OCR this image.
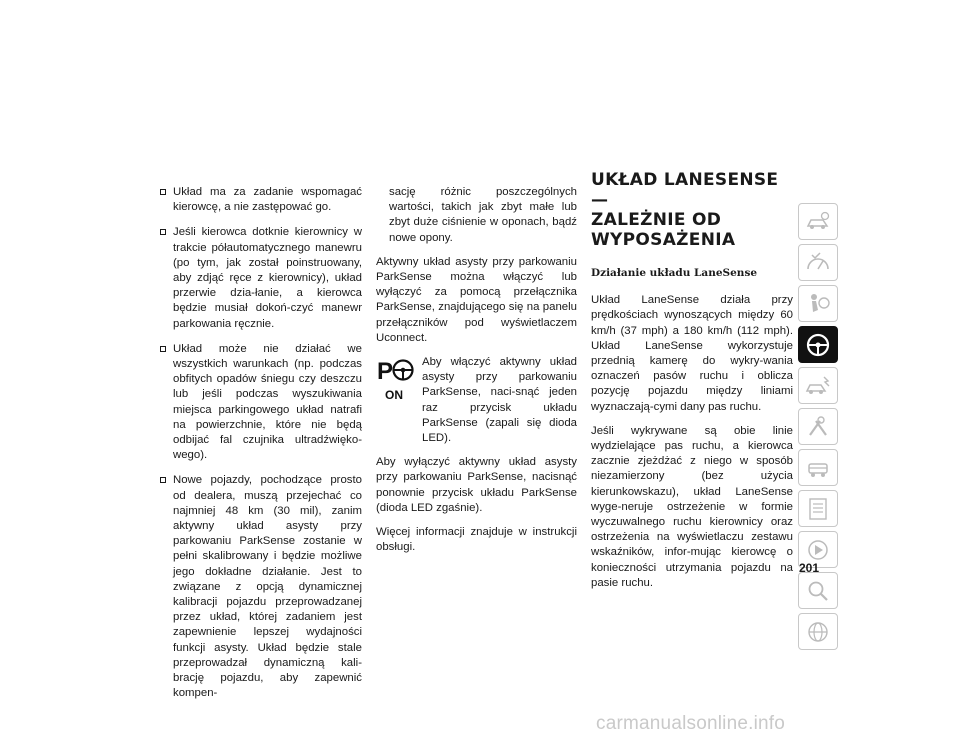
Układ ma za zadanie wspomagać kierowcę, a nie zastępować go.
Jeśli kierowca dotknie kierownicy w trakcie półautomatycznego manewru (po tym, jak został poinstruowany, aby zdjąć ręce z kierownicy), układ przerwie dzia-łanie, a kierowca będzie musiał dokoń-czyć manewr parkowania ręcznie.
Układ może nie działać we wszystkich warunkach (np. podczas obfitych opadów śniegu czy deszczu lub jeśli podczas wyszukiwania miejsca parkingowego układ natrafi na powierzchnie, które nie będą odbijać fal czujnika ultradźwięko-wego).
Nowe pojazdy, pochodzące prosto od dealera, muszą przejechać co najmniej 48 km (30 mil), zanim aktywny układ asysty przy parkowaniu ParkSense zostanie w pełni skalibrowany i będzie możliwe jego dokładne działanie. Jest to związane z opcją dynamicznej kalibracji pojazdu przeprowadzanej przez układ, której zadaniem jest zapewnienie lepszej wydajności funkcji asysty. Układ będzie stale przeprowadzał dynamiczną kali-brację pojazdu, aby zapewnić kompen-
sację różnic poszczególnych wartości, takich jak zbyt małe lub zbyt duże ciśnienie w oponach, bądź nowe opony.

Aktywny układ asysty przy parkowaniu ParkSense można włączyć lub wyłączyć za pomocą przełącznika ParkSense, znajdującego się na panelu przełączników pod wyświetlaczem Uconnect.

P
ON
Aby włączyć aktywny układ asysty przy parkowaniu ParkSense, naci-snąć jeden raz przycisk układu ParkSense (zapali się dioda LED).

Aby wyłączyć aktywny układ asysty przy parkowaniu ParkSense, nacisnąć ponownie przycisk układu ParkSense (dioda LED zgaśnie).

Więcej informacji znajduje w instrukcji obsługi.

UKŁAD LANESENSE —
ZALEŻNIE OD
WYPOSAŻENIA
Działanie układu LaneSense

Układ LaneSense działa przy prędkościach wynoszących między 60 km/h (37 mph) a 180 km/h (112 mph). Układ LaneSense wykorzystuje przednią kamerę do wykry-wania oznaczeń pasów ruchu i oblicza pozycję pojazdu między liniami wyznaczają-cymi dany pas ruchu.

Jeśli wykrywane są obie linie wydzielające pas ruchu, a kierowca zacznie zjeżdżać z niego w sposób niezamierzony (bez użycia kierunkowskazu), układ LaneSense wyge-neruje ostrzeżenie w formie wyczuwalnego ruchu kierownicy oraz ostrzeżenia na wyświetlaczu zestawu wskaźników, infor-mując kierowcę o konieczności utrzymania pojazdu na pasie ruchu.

201
carmanualsonline.info
